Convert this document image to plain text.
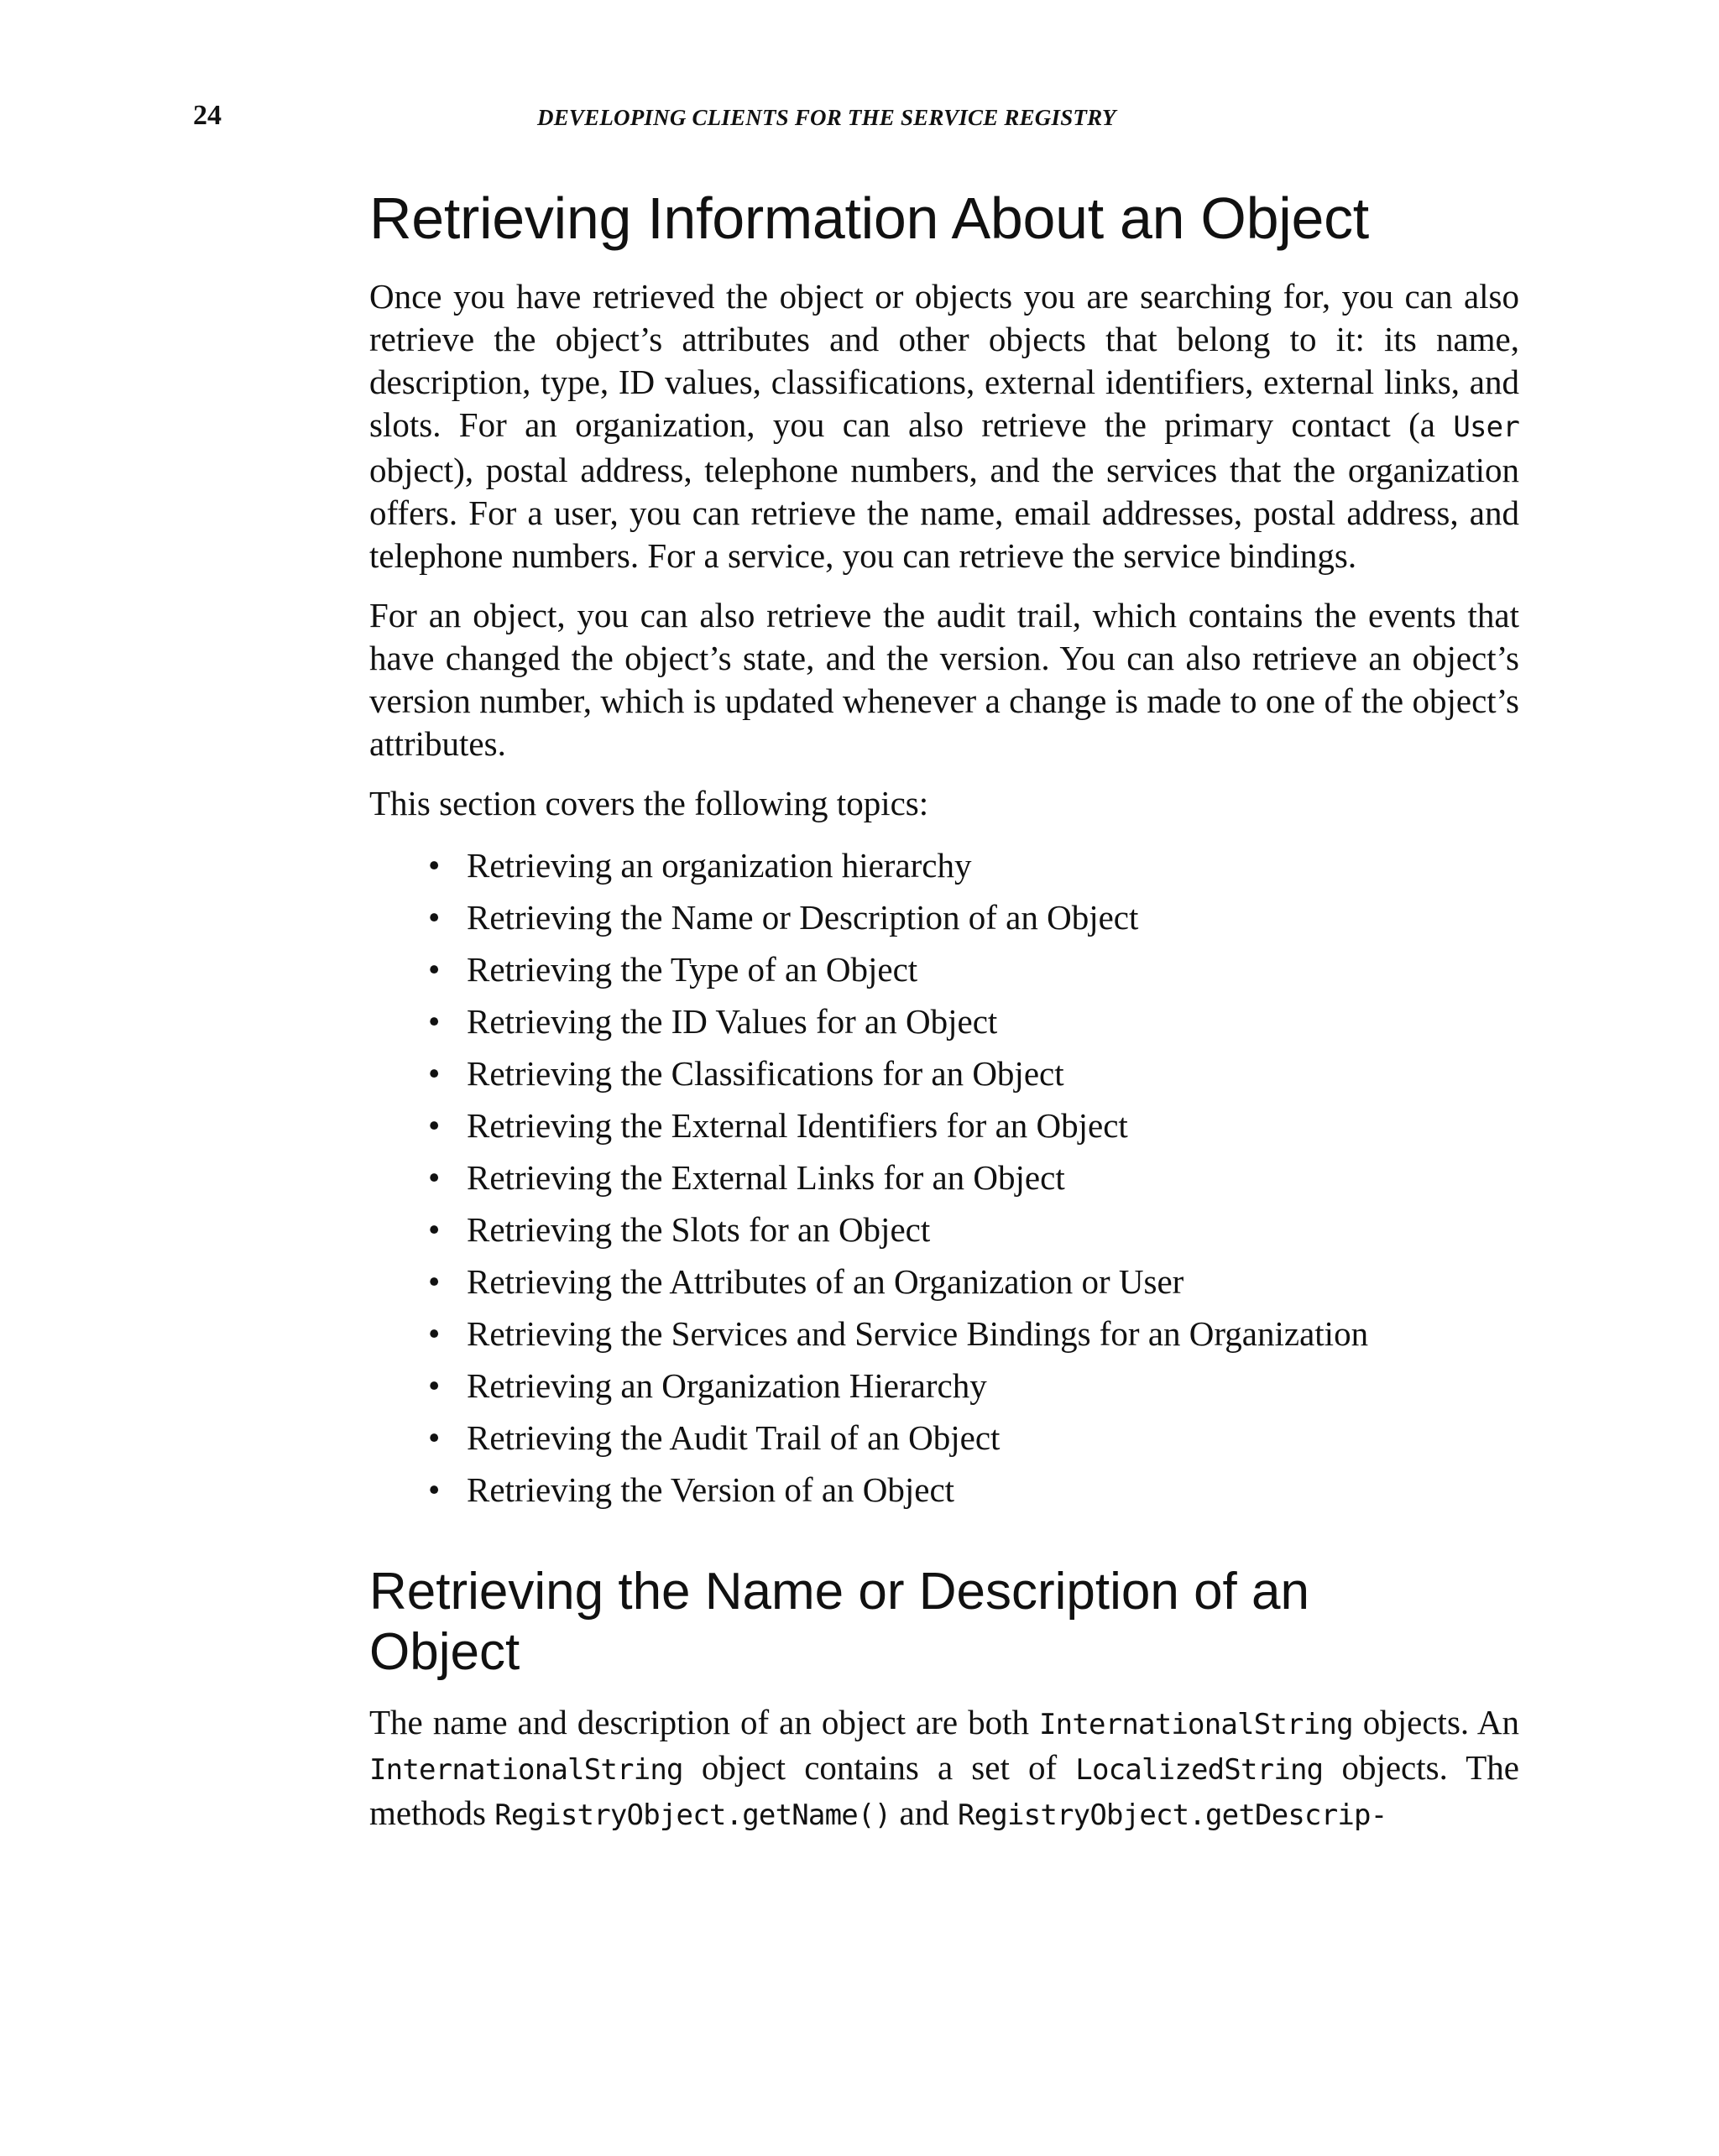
24	DEVELOPING CLIENTS FOR THE SERVICE REGISTRY
Retrieving Information About an Object

Once you have retrieved the object or objects you are searching for, you can also retrieve the object’s attributes and other objects that belong to it: its name, description, type, ID values, classifications, external identifiers, external links, and slots. For an organization, you can also retrieve the primary contact (a User object), postal address, telephone numbers, and the services that the organization offers. For a user, you can retrieve the name, email addresses, postal address, and telephone numbers. For a service, you can retrieve the service bindings.

For an object, you can also retrieve the audit trail, which contains the events that have changed the object’s state, and the version. You can also retrieve an object’s version number, which is updated whenever a change is made to one of the object’s attributes.

This section covers the following topics:

• Retrieving an organization hierarchy
• Retrieving the Name or Description of an Object
• Retrieving the Type of an Object
• Retrieving the ID Values for an Object
• Retrieving the Classifications for an Object
• Retrieving the External Identifiers for an Object
• Retrieving the External Links for an Object
• Retrieving the Slots for an Object
• Retrieving the Attributes of an Organization or User
• Retrieving the Services and Service Bindings for an Organization
• Retrieving an Organization Hierarchy
• Retrieving the Audit Trail of an Object
• Retrieving the Version of an Object
Retrieving the Name or Description of an Object

The name and description of an object are both InternationalString objects. An InternationalString object contains a set of LocalizedString objects. The methods RegistryObject.getName() and RegistryObject.getDescrip-
